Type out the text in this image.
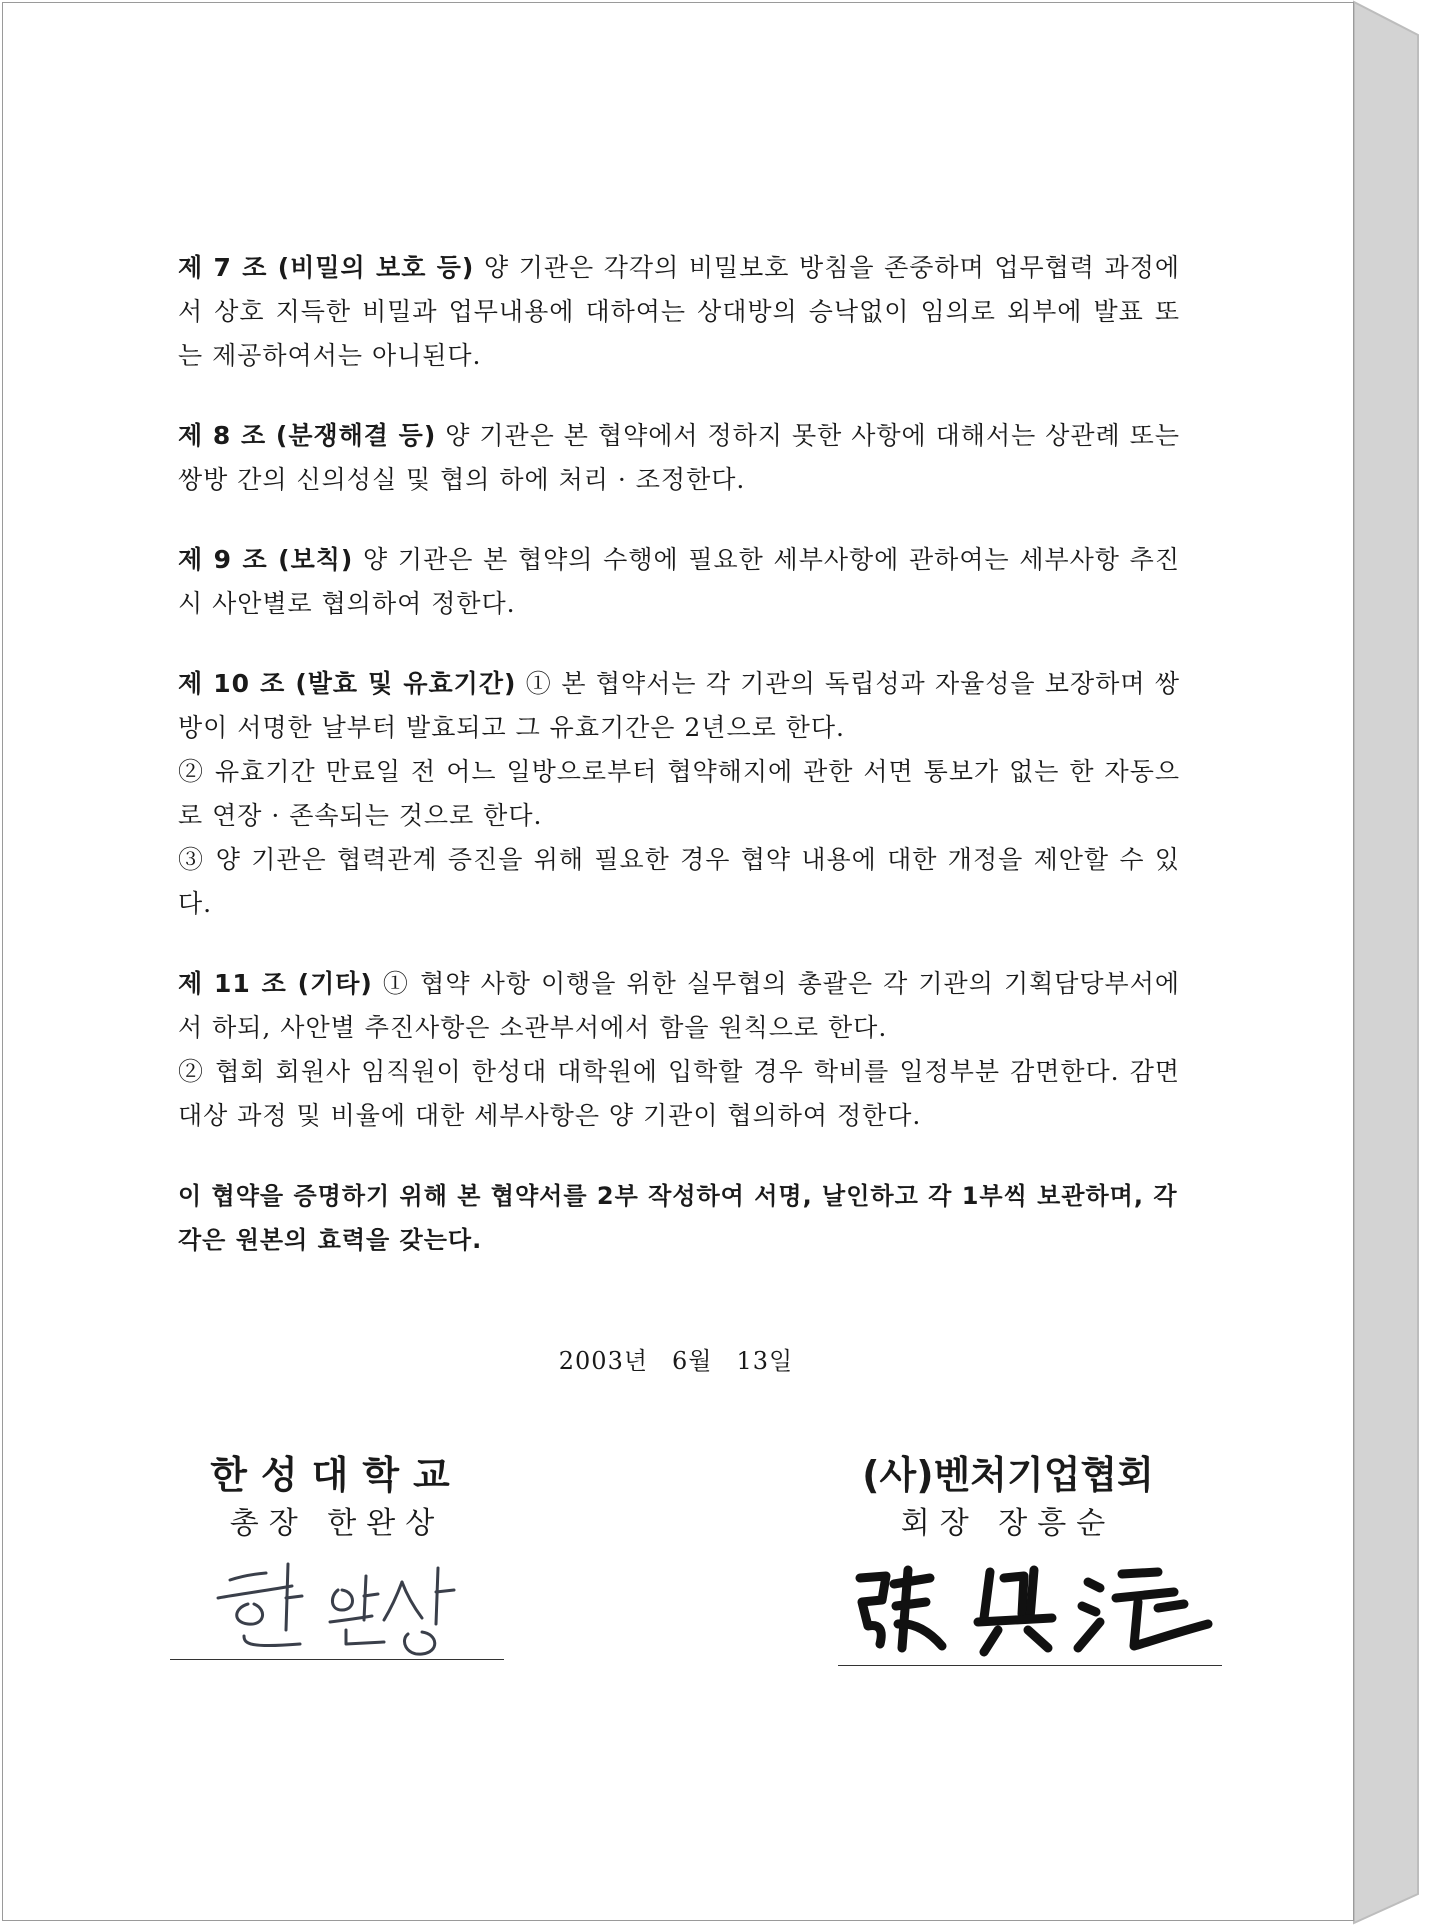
제 7 조 (비밀의 보호 등) 양 기관은 각각의 비밀보호 방침을 존중하며 업무협력 과정에서 상호 지득한 비밀과 업무내용에 대하여는 상대방의 승낙없이 임의로 외부에 발표 또는 제공하여서는 아니된다.

제 8 조 (분쟁해결 등) 양 기관은 본 협약에서 정하지 못한 사항에 대해서는 상관례 또는 쌍방 간의 신의성실 및 협의 하에 처리 · 조정한다.

제 9 조 (보칙) 양 기관은 본 협약의 수행에 필요한 세부사항에 관하여는 세부사항 추진시 사안별로 협의하여 정한다.

제 10 조 (발효 및 유효기간) ① 본 협약서는 각 기관의 독립성과 자율성을 보장하며 쌍방이 서명한 날부터 발효되고 그 유효기간은 2년으로 한다.

② 유효기간 만료일 전 어느 일방으로부터 협약해지에 관한 서면 통보가 없는 한 자동으로 연장 · 존속되는 것으로 한다.

③ 양 기관은 협력관계 증진을 위해 필요한 경우 협약 내용에 대한 개정을 제안할 수 있다.

제 11 조 (기타) ① 협약 사항 이행을 위한 실무협의 총괄은 각 기관의 기획담당부서에서 하되, 사안별 추진사항은 소관부서에서 함을 원칙으로 한다.

② 협회 회원사 임직원이 한성대 대학원에 입학할 경우 학비를 일정부분 감면한다. 감면 대상 과정 및 비율에 대한 세부사항은 양 기관이 협의하여 정한다.

이 협약을 증명하기 위해 본 협약서를 2부 작성하여 서명, 날인하고 각 1부씩 보관하며, 각각은 원본의 효력을 갖는다.

2003년 6월 13일
한성대학교
총장 한완상
(사)벤처기업협회
회장 장흥순
